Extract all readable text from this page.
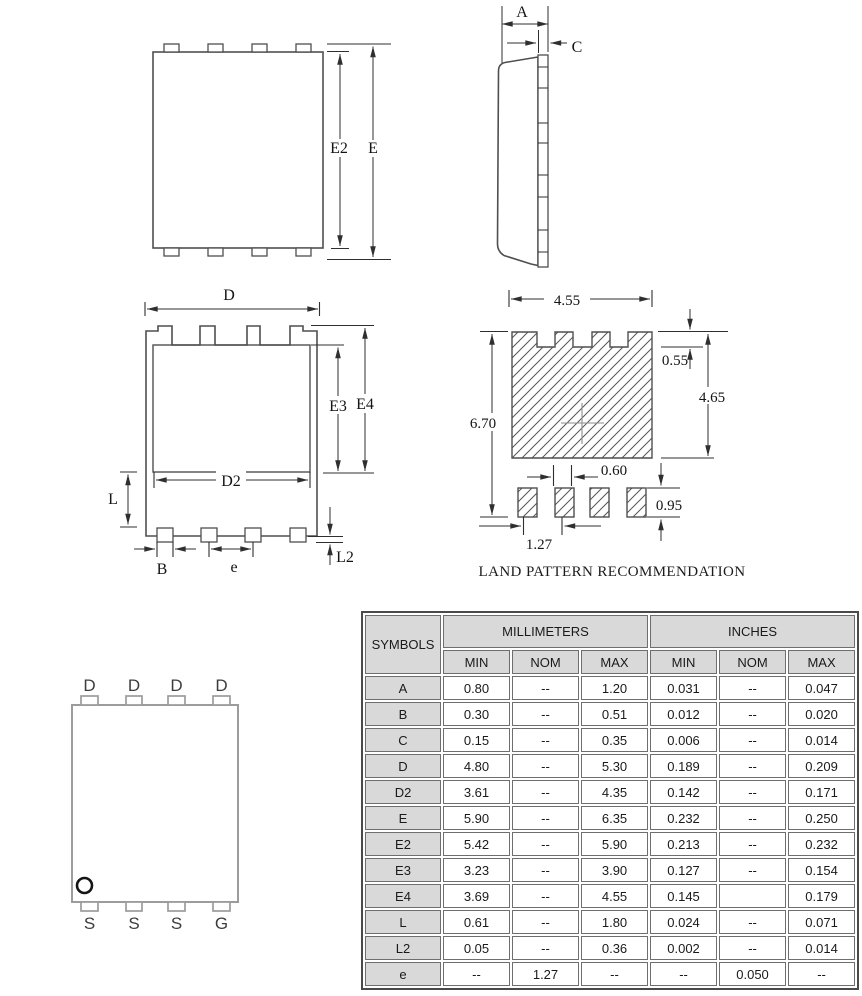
E2 E
A
C
D
E3 E4
D2
L
B	e
L2
4.55
6.70
0.55
4.65
0.60
0.95
1.27
LAND PATTERN RECOMMENDATION
D D D D
S S S G
SYMBOLS	MILLIMETERS			INCHES		
	MIN	NOM	MAX	MIN	NOM	MAX
A	0.80	--	1.20	0.031	--	0.047
B	0.30	--	0.51	0.012	--	0.020
C	0.15	--	0.35	0.006	--	0.014
D	4.80	--	5.30	0.189	--	0.209
D2	3.61	--	4.35	0.142	--	0.171
E	5.90	--	6.35	0.232	--	0.250
E2	5.42	--	5.90	0.213	--	0.232
E3	3.23	--	3.90	0.127	--	0.154
E4	3.69	--	4.55	0.145		0.179
L	0.61	--	1.80	0.024	--	0.071
L2	0.05	--	0.36	0.002	--	0.014
e	--	1.27	--	--	0.050	--
